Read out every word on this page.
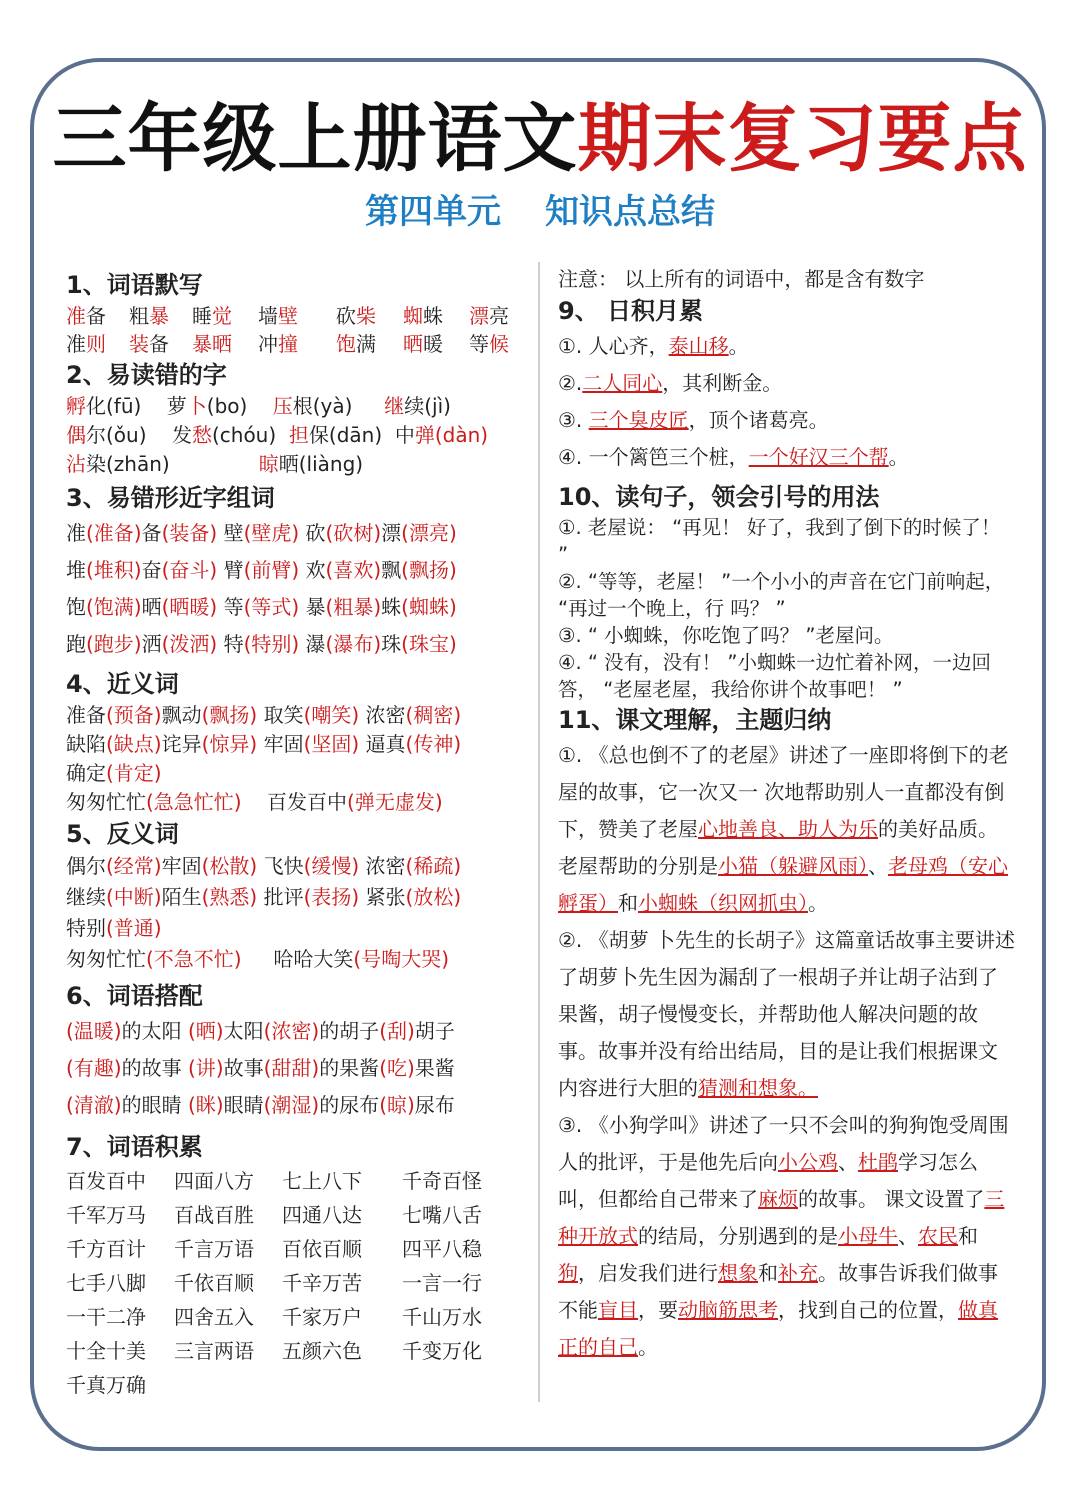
三年级上册语文期末复习要点
第四单元 知识点总结
1、词语默写
准备	粗暴	睡觉	墙壁	砍柴	蜘蛛	漂亮
准则	装备	暴晒	冲撞	饱满	晒暖	等候
2、易读错的字
孵化(fū) 萝卜(bo) 压根(yà) 继续(jì)
偶尔(ǒu) 发愁(chóu) 担保(dān) 中弹(dàn)
沾染(zhān)	晾晒(liàng)
3、易错形近字组词
准(准备)备(装备) 壁(壁虎) 砍(砍树)漂(漂亮)
堆(堆积)奋(奋斗) 臂(前臂) 欢(喜欢)飘(飘扬)
饱(饱满)晒(晒暖) 等(等式) 暴(粗暴)蛛(蜘蛛)
跑(跑步)洒(泼洒) 特(特别) 瀑(瀑布)珠(珠宝)
4、近义词
准备(预备)飘动(飘扬) 取笑(嘲笑) 浓密(稠密)
缺陷(缺点)诧异(惊异) 牢固(坚固) 逼真(传神)
确定(肯定)
匆匆忙忙(急急忙忙) 百发百中(弹无虚发)
5、反义词
偶尔(经常)牢固(松散) 飞快(缓慢) 浓密(稀疏)
继续(中断)陌生(熟悉) 批评(表扬) 紧张(放松)
特别(普通)
匆匆忙忙(不急不忙) 哈哈大笑(号啕大哭)
6、词语搭配
(温暖)的太阳 (晒)太阳(浓密)的胡子(刮)胡子
(有趣)的故事 (讲)故事(甜甜)的果酱(吃)果酱
(清澈)的眼睛 (眯)眼睛(潮湿)的尿布(晾)尿布
7、词语积累
百发百中	四面八方	七上八下	千奇百怪
千军万马	百战百胜	四通八达	七嘴八舌
千方百计	千言万语	百依百顺	四平八稳
七手八脚	千依百顺	千辛万苦	一言一行
一干二净	四舍五入	千家万户	千山万水
十全十美	三言两语	五颜六色	千变万化
千真万确
注意： 以上所有的词语中，都是含有数字
9、 日积月累
①. 人心齐，泰山移。
②.二人同心，其利断金。
③. 三个臭皮匠，顶个诸葛亮。
④. 一个篱笆三个桩，一个好汉三个帮。
10、读句子，领会引号的用法
①. 老屋说： “再见！ 好了，我到了倒下的时候了！ ”
②. “等等，老屋！ ”一个小小的声音在它门前响起， “再过一个晚上，行 吗？ ”
③. “ 小蜘蛛，你吃饱了吗？ ”老屋问。
④. “ 没有，没有！ ”小蜘蛛一边忙着补网，一边回答， “老屋老屋，我给你讲个故事吧！ ”
11、课文理解，主题归纳
①. 《总也倒不了的老屋》讲述了一座即将倒下的老屋的故事，它一次又一 次地帮助别人一直都没有倒下，赞美了老屋心地善良、助人为乐的美好品质。 老屋帮助的分别是小猫（躲避风雨）、老母鸡（安心孵蛋）和小蜘蛛（织网抓虫）。
②. 《胡萝 卜先生的长胡子》这篇童话故事主要讲述了胡萝卜先生因为漏刮了一根胡子并让胡子沾到了果酱，胡子慢慢变长，并帮助他人解决问题的故 事。故事并没有给出结局，目的是让我们根据课文内容进行大胆的猜测和想象。
③. 《小狗学叫》讲述了一只不会叫的狗狗饱受周围人的批评，于是他先后向小公鸡、杜鹃学习怎么叫，但都给自己带来了麻烦的故事。 课文设置了三种开放式的结局，分别遇到的是小母牛、农民和狗，启发我们进行想象和补充。故事告诉我们做事不能盲目，要动脑筋思考，找到自己的位置，做真正的自己。
